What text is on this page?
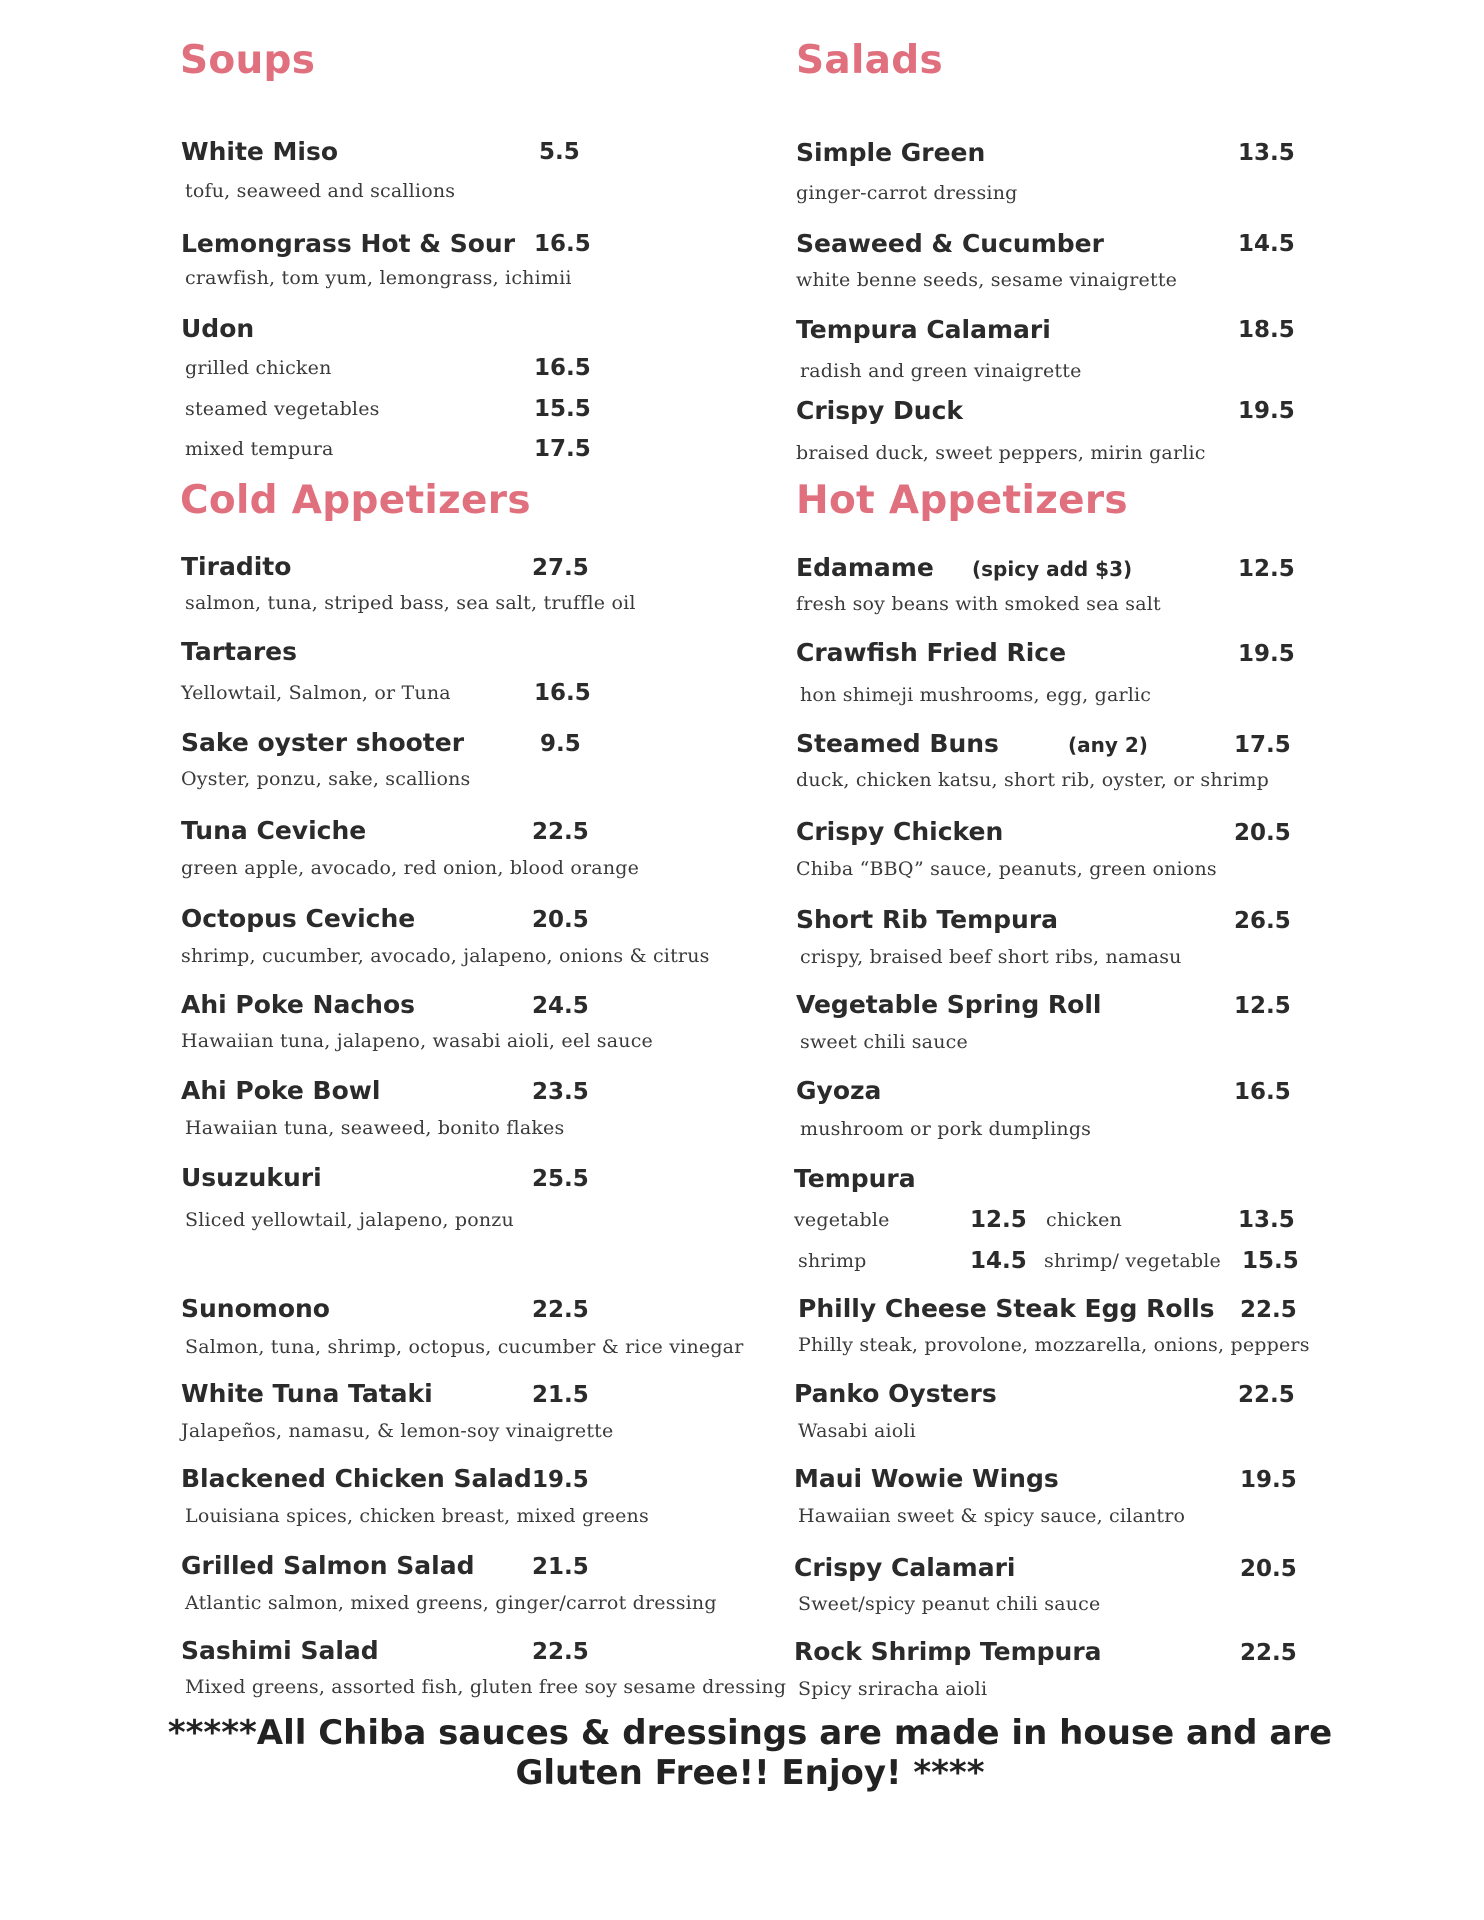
Soups
White Miso	5.5
tofu, seaweed and scallions
Lemongrass Hot & Sour 16.5
crawfish, tom yum, lemongrass, ichimii
Udon
grilled chicken	16.5
steamed vegetables	15.5
mixed tempura	17.5
Salads
Simple Green	13.5
ginger-carrot dressing
Seaweed & Cucumber	14.5
white benne seeds, sesame vinaigrette
Tempura Calamari	18.5
radish and green vinaigrette
Crispy Duck	19.5
braised duck, sweet peppers, mirin garlic
Cold Appetizers
Tiradito	27.5
salmon, tuna, striped bass, sea salt, truffle oil
Tartares
Yellowtail, Salmon, or Tuna	16.5
Sake oyster shooter	9.5
Oyster, ponzu, sake, scallions
Tuna Ceviche	22.5
green apple, avocado, red onion, blood orange
Octopus Ceviche	20.5
shrimp, cucumber, avocado, jalapeno, onions & citrus
Ahi Poke Nachos	24.5
Hawaiian tuna, jalapeno, wasabi aioli, eel sauce
Ahi Poke Bowl	23.5
Hawaiian tuna, seaweed, bonito flakes
Usuzukuri	25.5
Sliced yellowtail, jalapeno, ponzu
Sunomono	22.5
Salmon, tuna, shrimp, octopus, cucumber & rice vinegar
White Tuna Tataki	21.5
Jalapeños, namasu, & lemon-soy vinaigrette
Blackened Chicken Salad 19.5
Louisiana spices, chicken breast, mixed greens
Grilled Salmon Salad	21.5
Atlantic salmon, mixed greens, ginger/carrot dressing
Sashimi Salad	22.5
Mixed greens, assorted fish, gluten free soy sesame dressing
Hot Appetizers
Edamame (spicy add $3)	12.5
fresh soy beans with smoked sea salt
Crawfish Fried Rice	19.5
hon shimeji mushrooms, egg, garlic
Steamed Buns	(any 2)	17.5
duck, chicken katsu, short rib, oyster, or shrimp
Crispy Chicken	20.5
Chiba “BBQ” sauce, peanuts, green onions
Short Rib Tempura	26.5
crispy, braised beef short ribs, namasu
Vegetable Spring Roll	12.5
sweet chili sauce
Gyoza	16.5
mushroom or pork dumplings
Tempura
vegetable	12.5 chicken	13.5
shrimp	14.5 shrimp/ vegetable 15.5
Philly Cheese Steak Egg Rolls 22.5
Philly steak, provolone, mozzarella, onions, peppers
Panko Oysters	22.5
Wasabi aioli
Maui Wowie Wings	19.5
Hawaiian sweet & spicy sauce, cilantro
Crispy Calamari	20.5
Sweet/spicy peanut chili sauce
Rock Shrimp Tempura	22.5
Spicy sriracha aioli
*****All Chiba sauces & dressings are made in house and are
Gluten Free!! Enjoy! ****
